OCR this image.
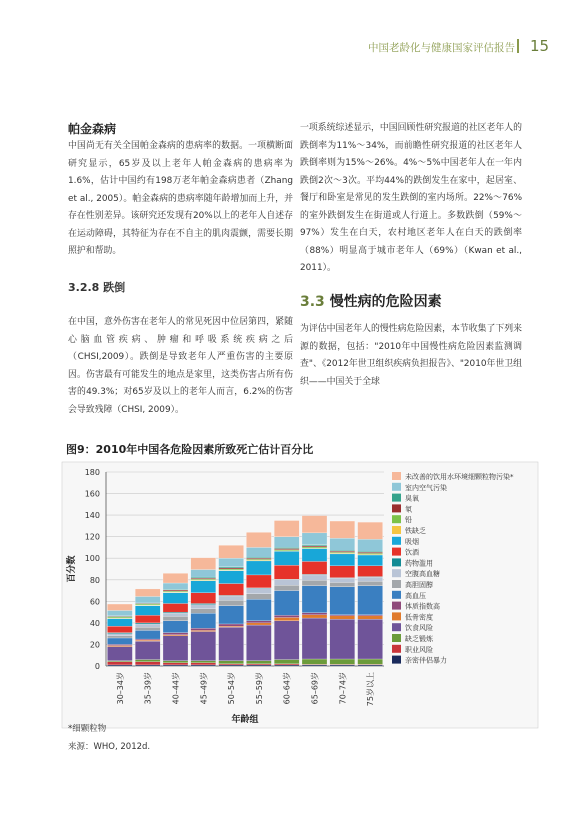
中国老龄化与健康国家评估报告 15
帕金森病

中国尚无有关全国帕金森病的患病率的数据。一项横断面研究显示，65岁及以上老年人帕金森病的患病率为1.6%，估计中国约有198万老年帕金森病患者（Zhang et al., 2005）。帕金森病的患病率随年龄增加而上升，并存在性别差异。该研究还发现有20%以上的老年人自述存在运动障碍，其特征为存在不自主的肌肉震颤，需要长期照护和帮助。

3.2.8 跌倒

在中国，意外伤害在老年人的常见死因中位居第四，紧随心脑血管疾病、肿瘤和呼吸系统疾病之后（CHSI,2009）。跌倒是导致老年人严重伤害的主要原因。伤害最有可能发生的地点是家里，这类伤害占所有伤害的49.3%；对65岁及以上的老年人而言，6.2%的伤害会导致残障（CHSI, 2009）。

一项系统综述显示，中国回顾性研究报道的社区老年人的跌倒率为11%～34%，而前瞻性研究报道的社区老年人跌倒率则为15%～26%。4%～5%中国老年人在一年内跌倒2次～3次。平均44%的跌倒发生在家中，起居室、餐厅和卧室是常见的发生跌倒的室内场所。22%～76%的室外跌倒发生在街道或人行道上。多数跌倒（59%～97%）发生在白天，农村地区老年人在白天的跌倒率（88%）明显高于城市老年人（69%）（Kwan et al., 2011）。

3.3 慢性病的危险因素

为评估中国老年人的慢性病危险因素，本节收集了下列来源的数据，包括："2010年中国慢性病危险因素监测调查"、《2012年世卫组织疾病负担报告》、"2010年世卫组织——中国关于全球

图9：2010年中国各危险因素所致死亡估计百分比
0
20
40
60
80
100
120
140
160
180
百分数
30–34岁 35–39岁 40–44岁 45–49岁 50–54岁 55–59岁 60–64岁 65–69岁 70–74岁 75岁以上
年龄组
未改善的饮用水环境细颗粒物污染*
室内空气污染
臭氧
氡
铅
铁缺乏
吸烟
饮酒
药物滥用
空腹高血糖
高胆固醇
高血压
体质指数高
低骨密度
饮食风险
缺乏锻炼
职业风险
亲密伴侣暴力
*细颗粒物
来源：WHO, 2012d.
